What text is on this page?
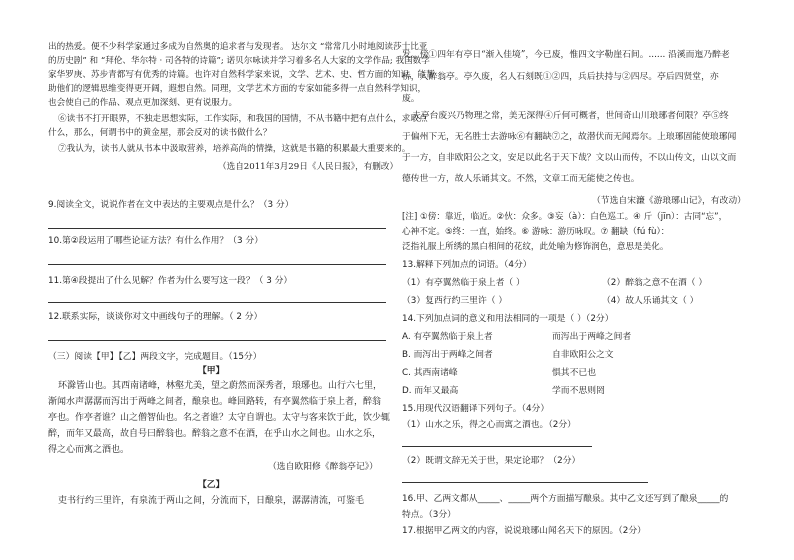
出的热爱。便不少科学家通过多成为自然奥的追求者与发现者。 达尔文 “常常几小时地阅读莎士比亚

的历史剧” 和 “拜伦、华尔特 · 司各特的诗篇”; 诺贝尔咏读并学习着多名人大家的文学作品; 我国数学

家华罗庚、苏步青都写有优秀的诗篇。也许对自然科学家来说，文学、艺术、史、哲方面的知识，能帮

助他们的逻辑思维变得更开阔，遐想自然。同理，文学艺术方面的专家如能多得一点自然科学知识，

也会使自己的作品、观点更加深刻、更有说服力。

⑥读书不打开眼界，不独走思想实际，工作实际，和我国的国情，不从书籍中把有点什么，求取点

什么，那么，何谓书中的黄金屋，那会反对的读书做什么？

⑦我认为，读书人就从书本中汲取营养，培养高尚的情操，这就是书籍的积累最大重要来的。

（选自2011年3月29日《人民日报》，有删改）

9.阅读全文，说说作者在文中表达的主要观点是什么？（3 分）

10.第②段运用了哪些论证方法？有什么作用？（3 分）

11.第④段提出了什么见解？作者为什么要写这一段？（ 3 分）

12.联系实际，谈谈你对文中画线句子的理解。（ 2 分）

（三）阅读【甲】【乙】两段文字，完成题目。（15分）

【甲】

环滁皆山也。其西南诸峰，林壑尤美，望之蔚然而深秀者，琅琊也。山行六七里，

渐闻水声潺潺而泻出于两峰之间者，酿泉也。峰回路转，有亭翼然临于泉上者，醉翁

亭也。作亭者谁？山之僧智仙也。名之者谁？太守自谓也。太守与客来饮于此，饮少辄

醉，而年又最高，故自号曰醉翁也。醉翁之意不在酒，在乎山水之间也。山水之乐，

得之心而寓之酒也。

（选自欧阳修《醉翁亭记》）

【乙】

吏书行约三里许，有泉流于两山之间，分流而下，日酿泉，潺潺清流，可鉴毛

发。傍①四年有亭日“渐入佳境”，今已废，惟四文字勒崖石间。...... 沿溪而迤乃醉老

桥，入醉翁亭。亭久废，名人石刻既①②四，兵后扶持与②四尽。亭后四贤堂，亦

废。

夫亭台废兴乃物理之常，美无深得④斤何可概者，世间奇山川琅琊者何限？亭⑤终

于偏州下无，无名胜士去游咏⑥有翻缺⑦之，故潜伏而无闻焉尔。上琅琊固能使琅琊闻

于一方，自非欧阳公之文，安足以此名于天下哉？文以山而传，不以山传文，山以文而

德传世一方，故人乐诵其文。不然，文章工而无能使之传也。

（节选自宋濂《游琅琊山记》，有改动）

[注] ①傍：靠近，临近。②伙：众多。③妄（à）：白色巡工。④ 斤（jīn）：古同“忘”，

心神不定。⑤终：一直，始终。⑥ 游咏：游历咏叹。⑦ 翻缺（fú fù）：

泛指礼服上所绣的黑白相间的花纹，此处喻为修饰润色，意思是美化。

13.解释下列加点的词语。（4分）

（1）有亭翼然临于泉上者（ ）	（2）醉翁之意不在酒（ ）

（3）复西行约三里许（ ）	（4）故人乐诵其文（ ）

14.下列加点词的意义和用法相同的一项是（ ）（2分）

A. 有亭翼然临于泉上者	而泻出于两峰之间者

B. 而泻出于两峰之间者	自非欧阳公之文

C. 其西南诸峰	惧其不已也

D. 而年又最高	学而不思则罔

15.用现代汉语翻译下列句子。（4分）

（1）山水之乐，得之心而寓之酒也。（2分）

（2）既谓文辞无关于世，果定论耶？（2分）

16.甲、乙两文都从_____、_____两个方面描写酿泉。其中乙文还写到了酿泉_____的

特点。（3分）

17.根据甲乙两文的内容，说说琅琊山闻名天下的原因。（2分）
